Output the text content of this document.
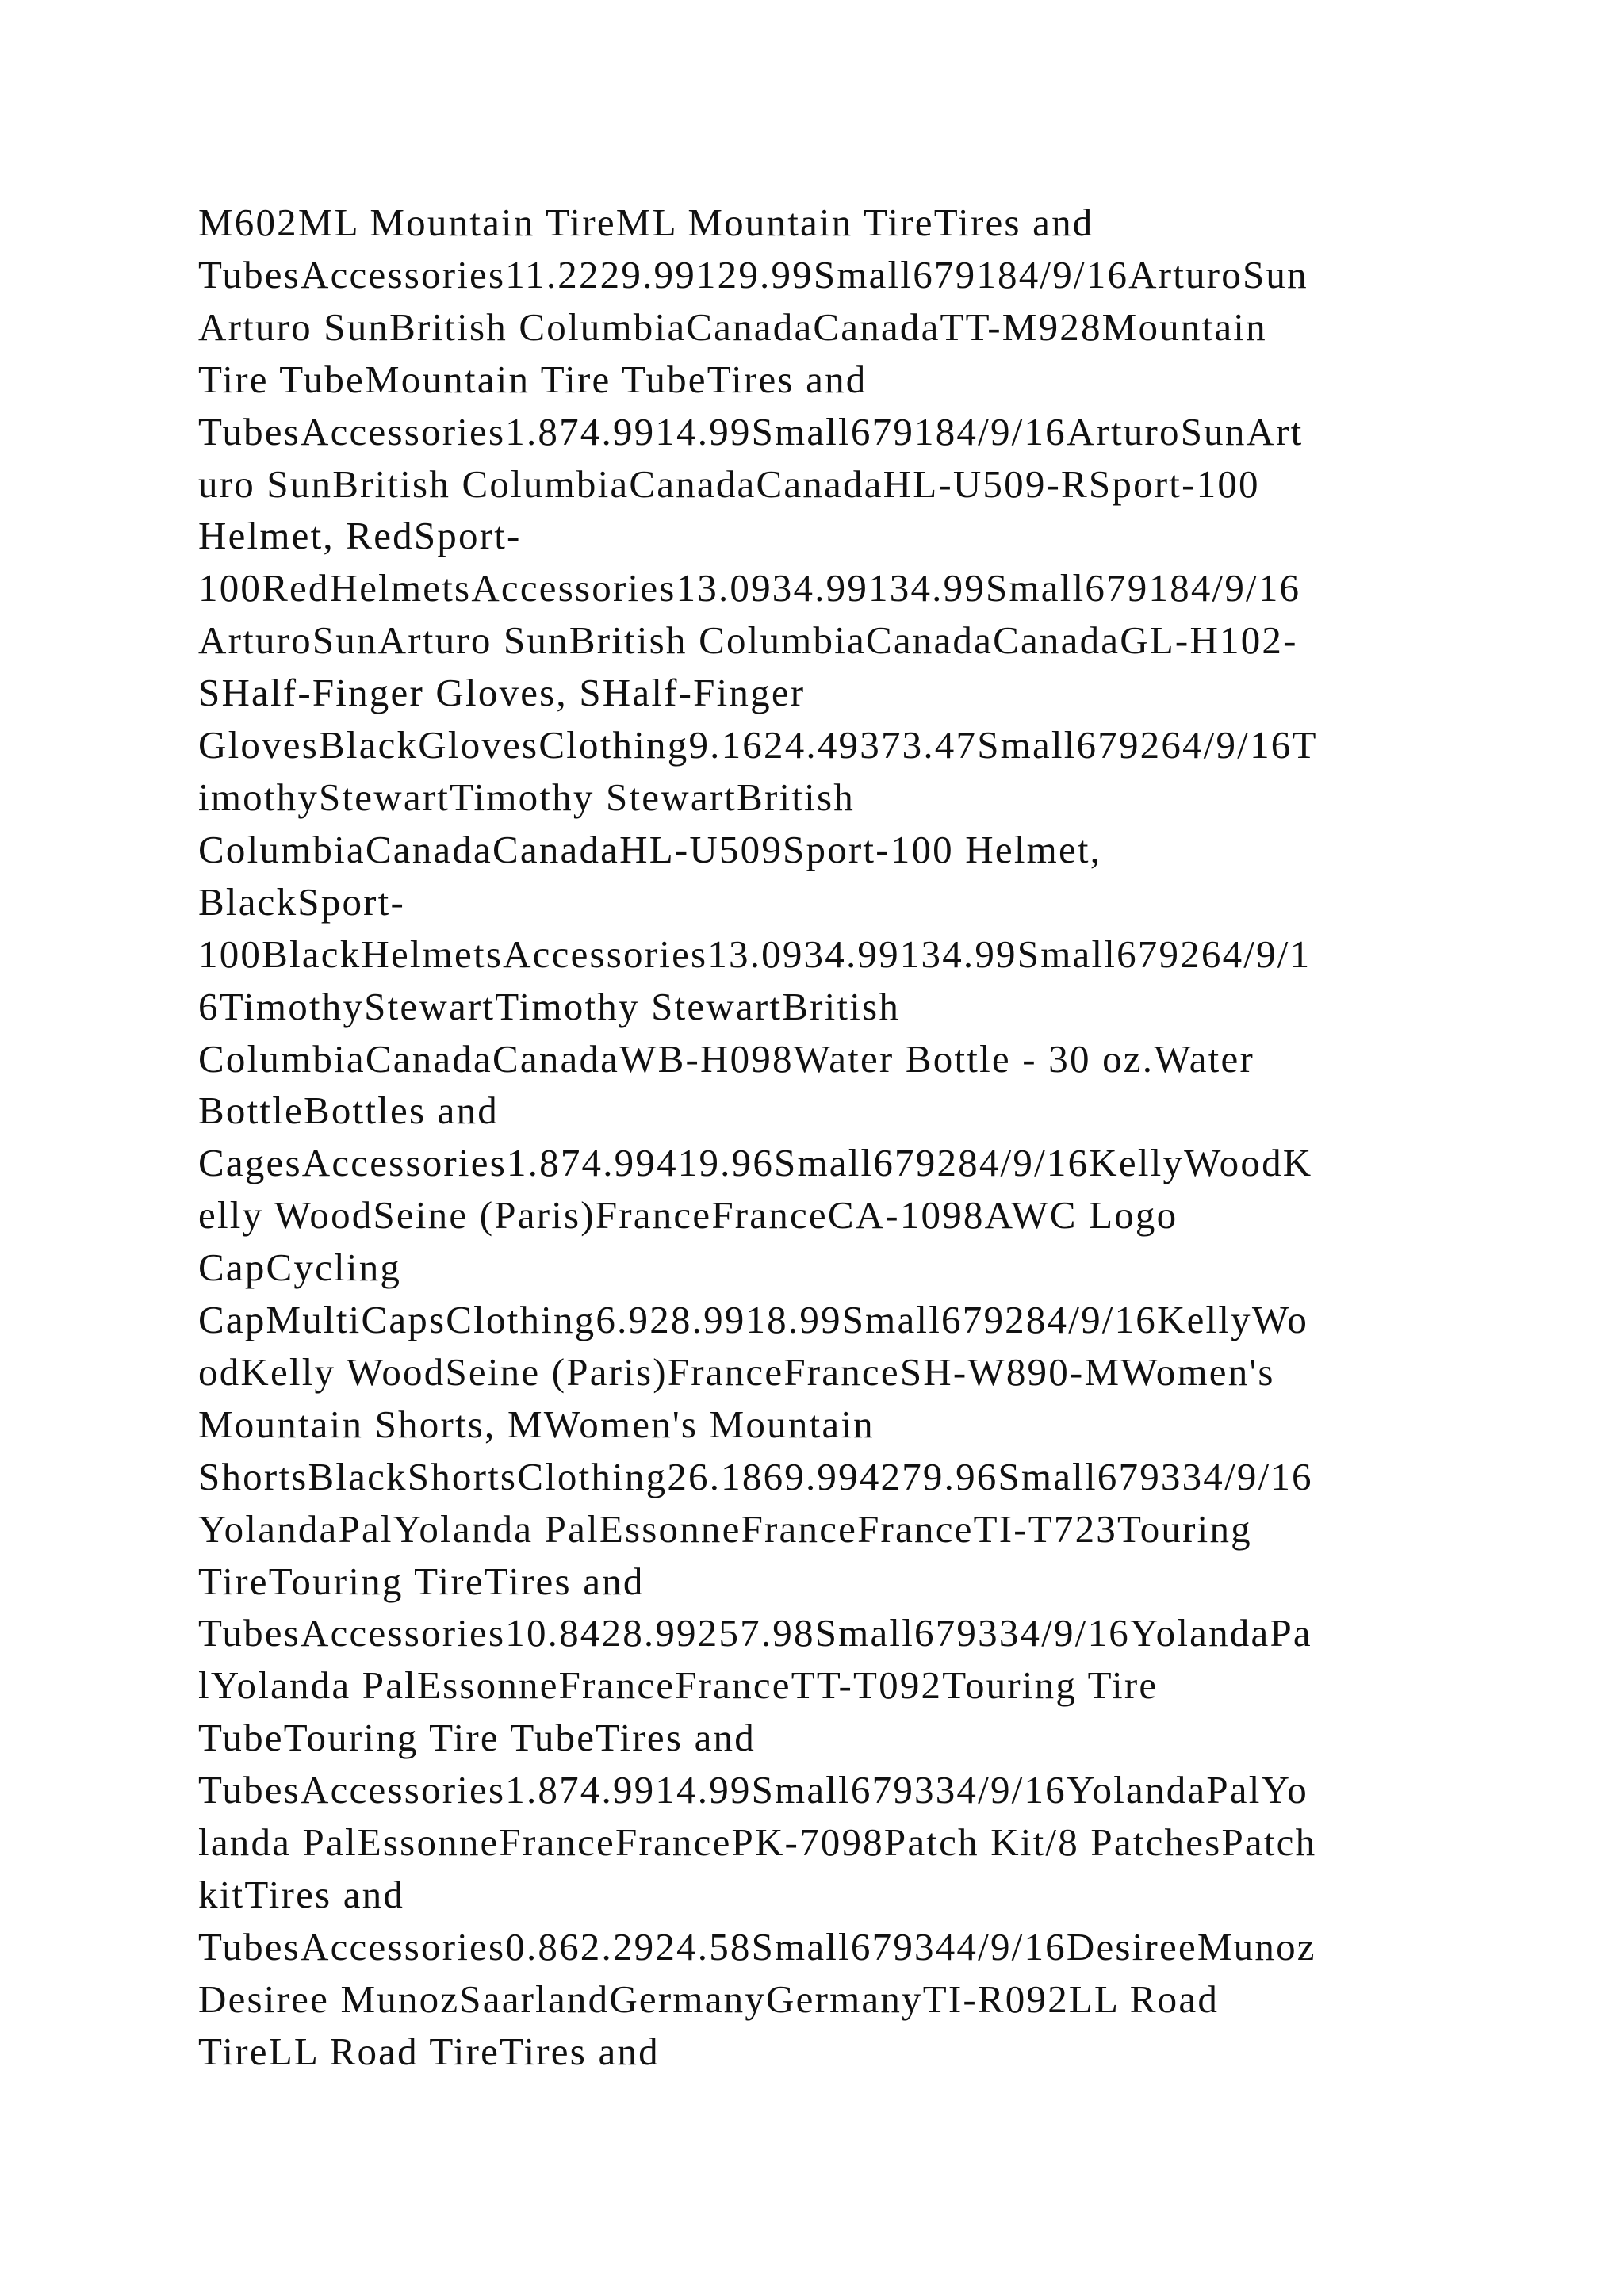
M602ML Mountain TireML Mountain TireTires and
TubesAccessories11.2229.99129.99Small679184/9/16ArturoSun
Arturo SunBritish ColumbiaCanadaCanadaTT-M928Mountain
Tire TubeMountain Tire TubeTires and
TubesAccessories1.874.9914.99Small679184/9/16ArturoSunArt
uro SunBritish ColumbiaCanadaCanadaHL-U509-RSport-100
Helmet, RedSport-
100RedHelmetsAccessories13.0934.99134.99Small679184/9/16
ArturoSunArturo SunBritish ColumbiaCanadaCanadaGL-H102-
SHalf-Finger Gloves, SHalf-Finger
GlovesBlackGlovesClothing9.1624.49373.47Small679264/9/16T
imothyStewartTimothy StewartBritish
ColumbiaCanadaCanadaHL-U509Sport-100 Helmet,
BlackSport-
100BlackHelmetsAccessories13.0934.99134.99Small679264/9/1
6TimothyStewartTimothy StewartBritish
ColumbiaCanadaCanadaWB-H098Water Bottle - 30 oz.Water
BottleBottles and
CagesAccessories1.874.99419.96Small679284/9/16KellyWoodK
elly WoodSeine (Paris)FranceFranceCA-1098AWC Logo
CapCycling
CapMultiCapsClothing6.928.9918.99Small679284/9/16KellyWo
odKelly WoodSeine (Paris)FranceFranceSH-W890-MWomen's
Mountain Shorts, MWomen's Mountain
ShortsBlackShortsClothing26.1869.994279.96Small679334/9/16
YolandaPalYolanda PalEssonneFranceFranceTI-T723Touring
TireTouring TireTires and
TubesAccessories10.8428.99257.98Small679334/9/16YolandaPa
lYolanda PalEssonneFranceFranceTT-T092Touring Tire
TubeTouring Tire TubeTires and
TubesAccessories1.874.9914.99Small679334/9/16YolandaPalYo
landa PalEssonneFranceFrancePK-7098Patch Kit/8 PatchesPatch
kitTires and
TubesAccessories0.862.2924.58Small679344/9/16DesireeMunoz
Desiree MunozSaarlandGermanyGermanyTI-R092LL Road
TireLL Road TireTires and
